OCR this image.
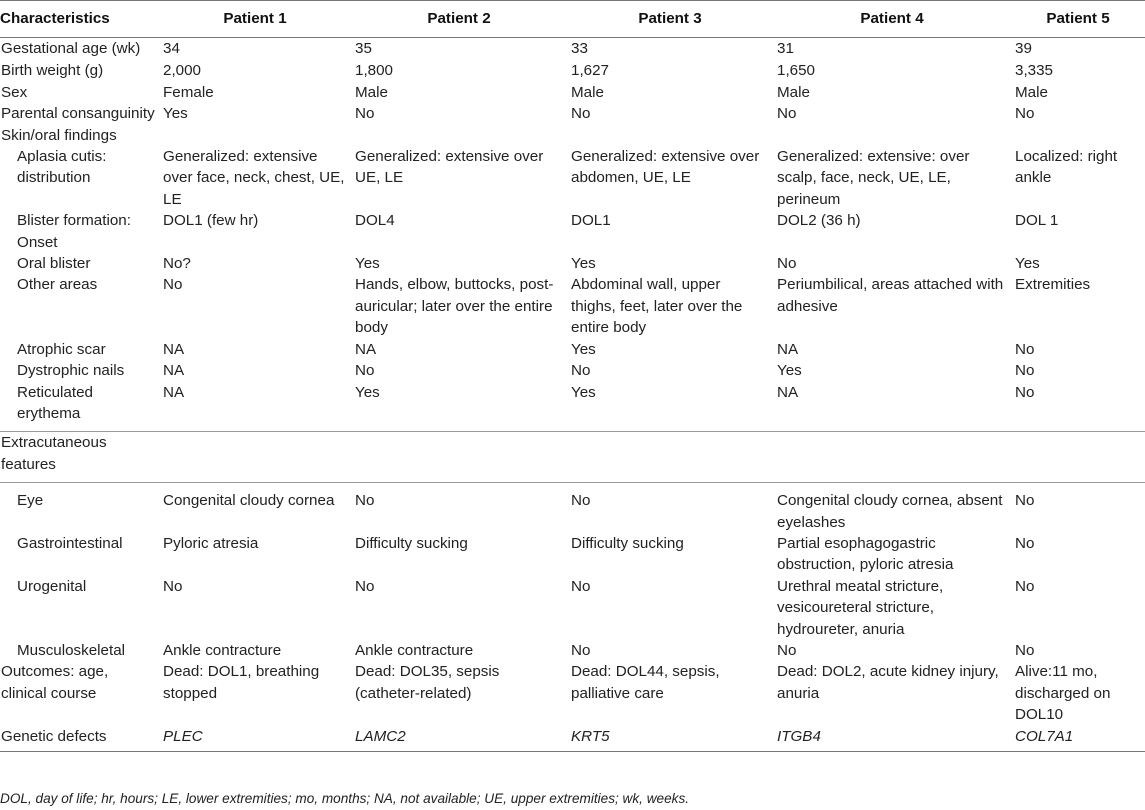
Characteristics	Patient 1	Patient 2	Patient 3	Patient 4	Patient 5
Gestational age (wk)	34	35	33	31	39
Birth weight (g)	2,000	1,800	1,627	1,650	3,335
Sex	Female	Male	Male	Male	Male
Parental consanguinity	Yes	No	No	No	No
Skin/oral findings					
Aplasia cutis: distribution	Generalized: extensive over face, neck, chest, UE, LE	Generalized: extensive over UE, LE	Generalized: extensive over abdomen, UE, LE	Generalized: extensive: over scalp, face, neck, UE, LE, perineum	Localized: right ankle
Blister formation: Onset	DOL1 (few hr)	DOL4	DOL1	DOL2 (36 h)	DOL 1
Oral blister	No?	Yes	Yes	No	Yes
Other areas	No	Hands, elbow, buttocks, post-auricular; later over the entire body	Abdominal wall, upper thighs, feet, later over the entire body	Periumbilical, areas attached with adhesive	Extremities
Atrophic scar	NA	NA	Yes	NA	No
Dystrophic nails	NA	No	No	Yes	No
Reticulated erythema	NA	Yes	Yes	NA	No
Extracutaneous features					
Eye	Congenital cloudy cornea	No	No	Congenital cloudy cornea, absent eyelashes	No
Gastrointestinal	Pyloric atresia	Difficulty sucking	Difficulty sucking	Partial esophagogastric obstruction, pyloric atresia	No
Urogenital	No	No	No	Urethral meatal stricture, vesicoureteral stricture, hydroureter, anuria	No
Musculoskeletal	Ankle contracture	Ankle contracture	No	No	No
Outcomes: age, clinical course	Dead: DOL1, breathing stopped	Dead: DOL35, sepsis (catheter-related)	Dead: DOL44, sepsis, palliative care	Dead: DOL2, acute kidney injury, anuria	Alive:11 mo, discharged on DOL10
Genetic defects	PLEC	LAMC2	KRT5	ITGB4	COL7A1
DOL, day of life; hr, hours; LE, lower extremities; mo, months; NA, not available; UE, upper extremities; wk, weeks.
